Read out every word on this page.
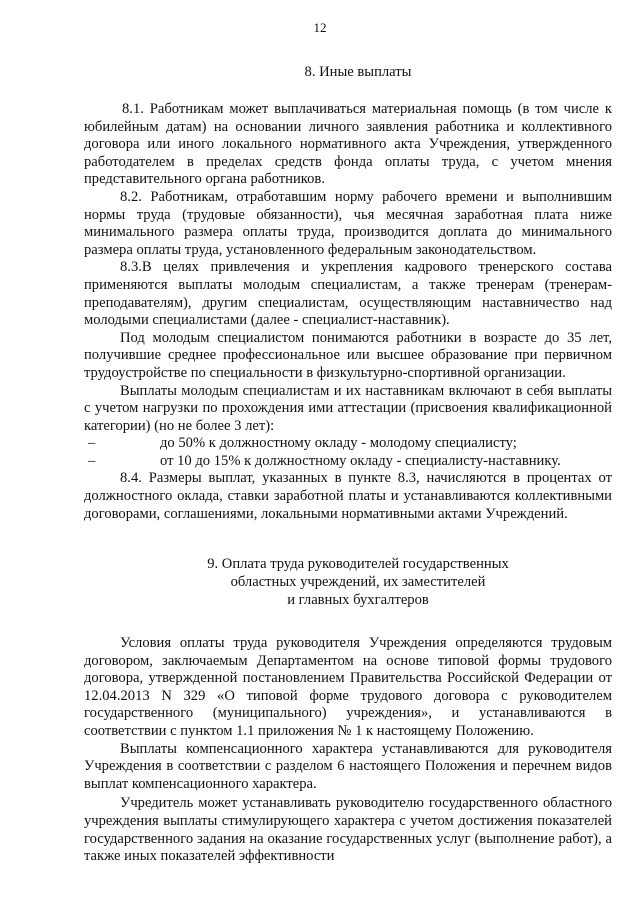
12
8. Иные выплаты

8.1. Работникам может выплачиваться материальная помощь (в том числе к юбилейным датам) на основании личного заявления работника и коллективного договора или иного локального нормативного акта Учреждения, утвержденного работодателем в пределах средств фонда оплаты труда, с учетом мнения представительного органа работников.

8.2. Работникам, отработавшим норму рабочего времени и выполнившим нормы труда (трудовые обязанности), чья месячная заработная плата ниже минимального размера оплаты труда, производится доплата до минимального размера оплаты труда, установленного федеральным законодательством.

8.3.В целях привлечения и укрепления кадрового тренерского состава применяются выплаты молодым специалистам, а также тренерам (тренерам-преподавателям), другим специалистам, осуществляющим наставничество над молодыми специалистами (далее - специалист-наставник).

Под молодым специалистом понимаются работники в возрасте до 35 лет, получившие среднее профессиональное или высшее образование при первичном трудоустройстве по специальности в физкультурно-спортивной организации.

Выплаты молодым специалистам и их наставникам включают в себя выплаты с учетом нагрузки по прохождения ими аттестации (присвоения квалификационной категории) (но не более 3 лет):

–	до 50% к должностному окладу - молодому специалисту;
–	от 10 до 15% к должностному окладу - специалисту-наставнику.

8.4. Размеры выплат, указанных в пункте 8.3, начисляются в процентах от должностного оклада, ставки заработной платы и устанавливаются коллективными договорами, соглашениями, локальными нормативными актами Учреждений.

9. Оплата труда руководителей государственных
областных учреждений, их заместителей
и главных бухгалтеров

Условия оплаты труда руководителя Учреждения определяются трудовым договором, заключаемым Департаментом на основе типовой формы трудового договора, утвержденной постановлением Правительства Российской Федерации от 12.04.2013 N 329 «О типовой форме трудового договора с руководителем государственного (муниципального) учреждения», и устанавливаются в соответствии с пунктом 1.1 приложения № 1 к настоящему Положению.

Выплаты компенсационного характера устанавливаются для руководителя Учреждения в соответствии с разделом 6 настоящего Положения и перечнем видов выплат компенсационного характера.

Учредитель может устанавливать руководителю государственного областного учреждения выплаты стимулирующего характера с учетом достижения показателей государственного задания на оказание государственных услуг (выполнение работ), а также иных показателей эффективности
